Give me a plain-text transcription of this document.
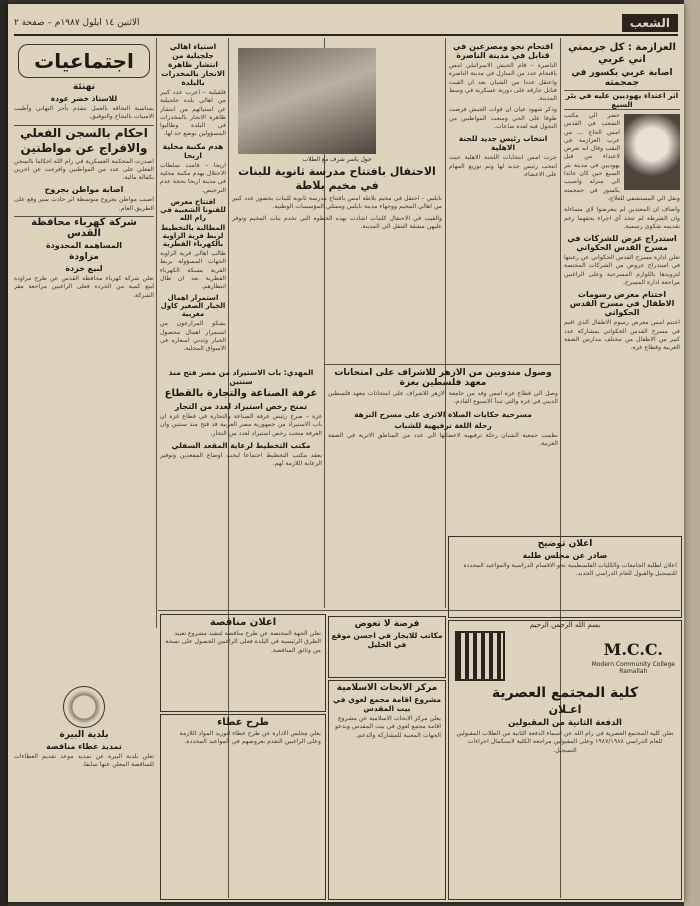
الاثنين ١٤ ايلول ١٩٨٧م – صفحة ٢	الشعب
العزازمة : كل جريمتي اني عربي
اصابة عربي بكسور في جمجمته
اثر اعتداء يهوديين عليه في بئر السبع

حضر الي مكتب الشعب في القدس امس الحاج ... من عرب العزازمة في النقب وقال انه تعرض لاعتداء من قبل يهوديين في مدينة بئر السبع حين كان عائدا الي منزله واصيب بكسور في جمجمته ونقل الي المستشفى للعلاج.

واضاف ان المعتدين لم يتعرضوا لاي مساءلة وان الشرطة لم تتخذ أي اجراء بحقهما رغم تقديمه شكوى رسمية.

استدراج عرض للشركات في مسرح القدس الحكواتي

تعلن ادارة مسرح القدس الحكواتي عن رغبتها في استدراج عروض من الشركات المختصة لتزويدها باللوازم المسرحية وعلى الراغبين مراجعة ادارة المسرح.

اختتام معرض رسومات الاطفال في مسرح القدس الحكواتي

اختتم امس معرض رسوم الاطفال الذي اقيم في مسرح القدس الحكواتي بمشاركة عدد كبير من الاطفال من مختلف مدارس الضفة الغربية وقطاع غزة.

اعلان توضيح
صادر عن مجلس طلبة

اعلان لطلبة الجامعات والكليات الفلسطينية نحو الاقسام الدراسية والمواعيد المحددة للتسجيل والقبول للعام الدراسي الجديد.

اقتحام نحو ومصرعين في قنابل في مدينة الناصرة

الناصرة – قام الجيش الاسرائيلي امس باقتحام عدد من المنازل في مدينة الناصرة واعتقل عددا من الشبان بعد ان القيت قنابل حارقة على دورية عسكرية في وسط المدينة.

وذكر شهود عيان ان قوات الجيش فرضت طوقا على الحي ومنعت المواطنين من التجول فيه لعدة ساعات.

انتخاب رئيس جديد للجنة الاهلية

جرت امس انتخابات اللجنة الاهلية حيث انتخب رئيس جديد لها وتم توزيع المهام على الاعضاء.

وصول مندوبين من الازهر للاشراف على امتحانات معهد فلسطين بغزة

وصل الي قطاع غزة امس وفد من جامعة الازهر للاشراف على امتحانات معهد فلسطين الديني في غزة والتي تبدأ الاسبوع القادم.

مسرحية حكايات الصلاة الاثرى على مسرح النزهة
رحلة اللغة ترفيهية للشباب

نظمت جمعية الشبان رحلة ترفيهية لاعضائها الي عدد من المناطق الاثرية في الضفة الغربية.

جول ياسر شرف مع الطلاب
الاحتفال بافتتاح مدرسة ثانوية للبنات في مخيم بلاطة

نابلس – احتفل في مخيم بلاطة امس بافتتاح مدرسة ثانوية للبنات بحضور عدد كبير من اهالي المخيم ووجهاء مدينة نابلس وممثلي المؤسسات الوطنية.

والقيت في الاحتفال كلمات اشادت بهذه الخطوة التي تخدم بنات المخيم وتوفر عليهن مشقة التنقل الي المدينة.

المهدي: باب الاستيراد من مصر فتح منذ سنتين
غرفة الصناعة والتجارة بالقطاع
تمنح رخص استيراد لعدد من التجار

غزة – صرح رئيس غرفة الصناعة والتجارة في قطاع غزة ان باب الاستيراد من جمهورية مصر العربية قد فتح منذ سنتين وان الغرفة منحت رخص استيراد لعدد من التجار.

مكتب التخطيط لرعاية المقعد السفلي

يعقد مكتب التخطيط اجتماعا لبحث اوضاع المقعدين وتوفير الرعاية اللازمة لهم.

استياء اهالي جلجيلية من انتشار ظاهرة الانجار بالمخدرات بالبلدة

قلقيلية – اعرب عدد كبير من اهالي بلدة جلجيلية عن استيائهم من انتشار ظاهرة الاتجار بالمخدرات في البلدة وطالبوا المسؤولين بوضع حد لها.

هدم مكتبة محلية اربحا

اريحا – قامت سلطات الاحتلال بهدم مكتبة محلية في مدينة اريحا بحجة عدم الترخيص.

افتتاح معرض للفنونا الشعبية في رام الله
المطالبة بالتخطيط لربط قرية الزاوية بالكهرباء القطرية

طالب اهالي قرية الزاوية الجهات المسؤولة بربط القرية بشبكة الكهرباء القطرية بعد ان طال انتظارهم.

استمرار اهمال الخيار الصغير كاول مغربية

يشكو المزارعون من استمرار اهمال محصول الخيار وتدني اسعاره في الاسواق المحلية.

اجتماعيات
تهنئة
للاستاذ خضر عودة

بمناسبة التحاقه بالعمل نتقدم بأحر التهاني وأطيب الامنيات بالنجاح والتوفيق.

احكام بالسجن الفعلي والافراج عن مواطنين

اصدرت المحكمة العسكرية في رام الله احكاما بالسجن الفعلي على عدد من المواطنين وافرجت عن اخرين بكفالة مالية.

اصابة مواطن بجروح

اصيب مواطن بجروح متوسطة اثر حادث سير وقع على الطريق العام.

شركة كهرباء محافظة القدس
المساهمة المحدودة
مزاودة
لبيع خردة

تعلن شركة كهرباء محافظة القدس عن طرح مزاودة لبيع كمية من الخردة فعلى الراغبين مراجعة مقر الشركة.

بلدية البيرة
تمديد عطاء مناقصة

تعلن بلدية البيرة عن تمديد موعد تقديم العطاءات للمناقصة المعلن عنها سابقا.

اعلان مناقصة

تعلن الجهة المختصة عن طرح مناقصة لتنفيذ مشروع تعبيد الطرق الرئيسية في البلدة فعلى الراغبين الحصول على نسخة من وثائق المناقصة.

طرح عطاء

يعلن مجلس الادارة عن طرح عطاء لتوريد المواد اللازمة وعلى الراغبين التقدم بعروضهم في المواعيد المحددة.

فرصة لا تعوض
مكاتب للايجار في احسن موقع في الخليل
مركز الابحاث الاسلامية
مشروع اقامة مجمع لغوي في بيت المقدس

يعلن مركز الابحاث الاسلامية عن مشروع اقامة مجمع لغوي في بيت المقدس ويدعو الجهات المعنية للمشاركة والدعم.

بسم الله الرحمن الرحيم
M.C.C.
Modern Community College
Ramallah
كلية المجتمع العصرية
اعـلان
الدفعة الثانية من المقبولين

تعلن كلية المجتمع العصرية في رام الله عن اسماء الدفعة الثانية من الطلاب المقبولين للعام الدراسي ١٩٨٧/١٩٨٨ وعلى المقبولين مراجعة الكلية لاستكمال اجراءات التسجيل.
